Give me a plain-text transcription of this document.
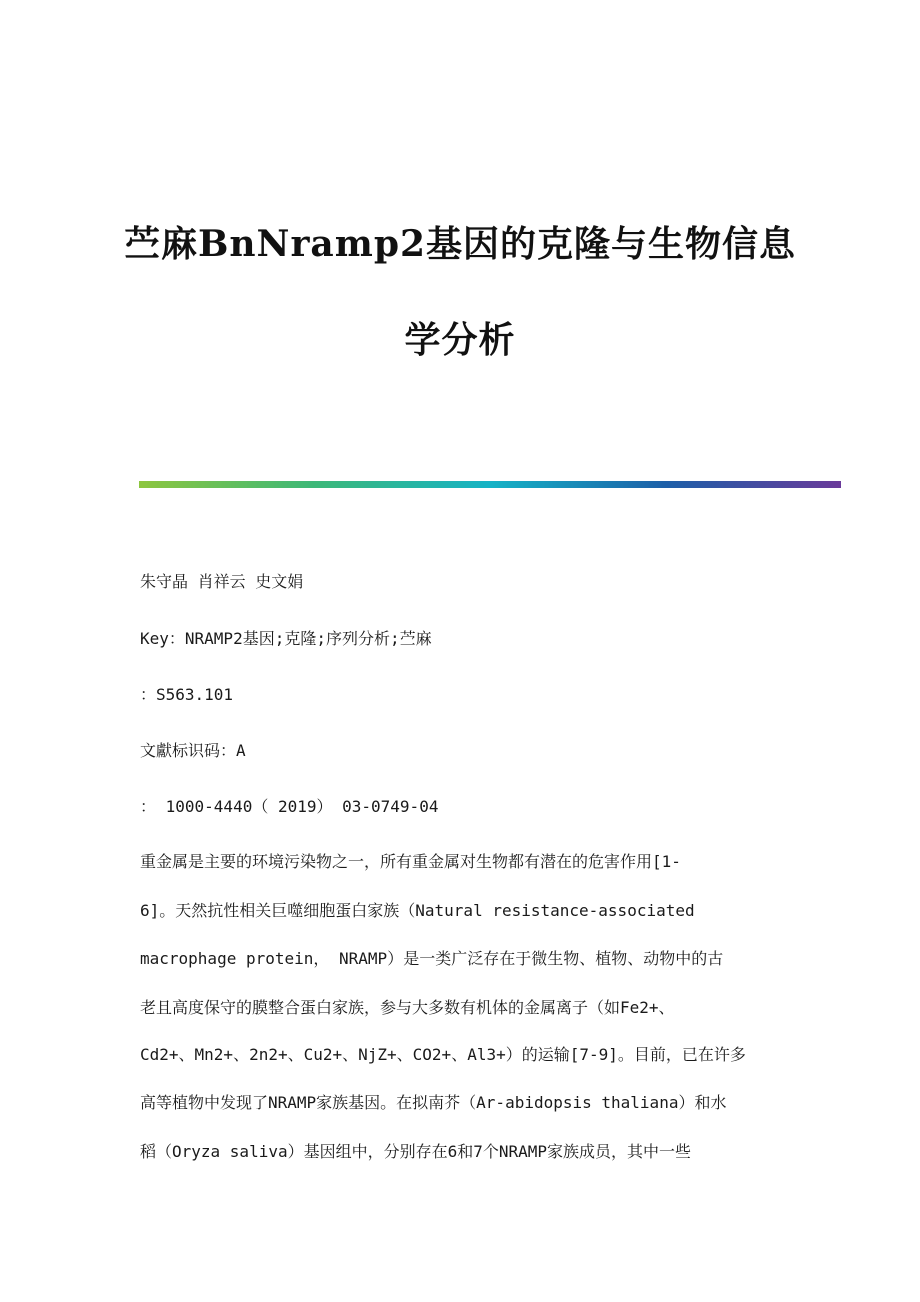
苎麻BnNramp2基因的克隆与生物信息
学分析
朱守晶 肖祥云 史文娟
Key：NRAMP2基因;克隆;序列分析;苎麻
：S563.101
文獻标识码：A
： 1000-4440（ 2019） 03-0749-04
重金属是主要的环境污染物之一，所有重金属对生物都有潜在的危害作用[1-
6]。天然抗性相关巨噬细胞蛋白家族（Natural resistance-associated
macrophage protein， NRAMP）是一类广泛存在于微生物、植物、动物中的古
老且高度保守的膜整合蛋白家族，参与大多数有机体的金属离子（如Fe2+、
Cd2+、Mn2+、2n2+、Cu2+、NjZ+、CO2+、Al3+）的运输[7-9]。目前，已在许多
高等植物中发现了NRAMP家族基因。在拟南芥（Ar-abidopsis thaliana）和水
稻（Oryza saliva）基因组中，分别存在6和7个NRAMP家族成员，其中一些
